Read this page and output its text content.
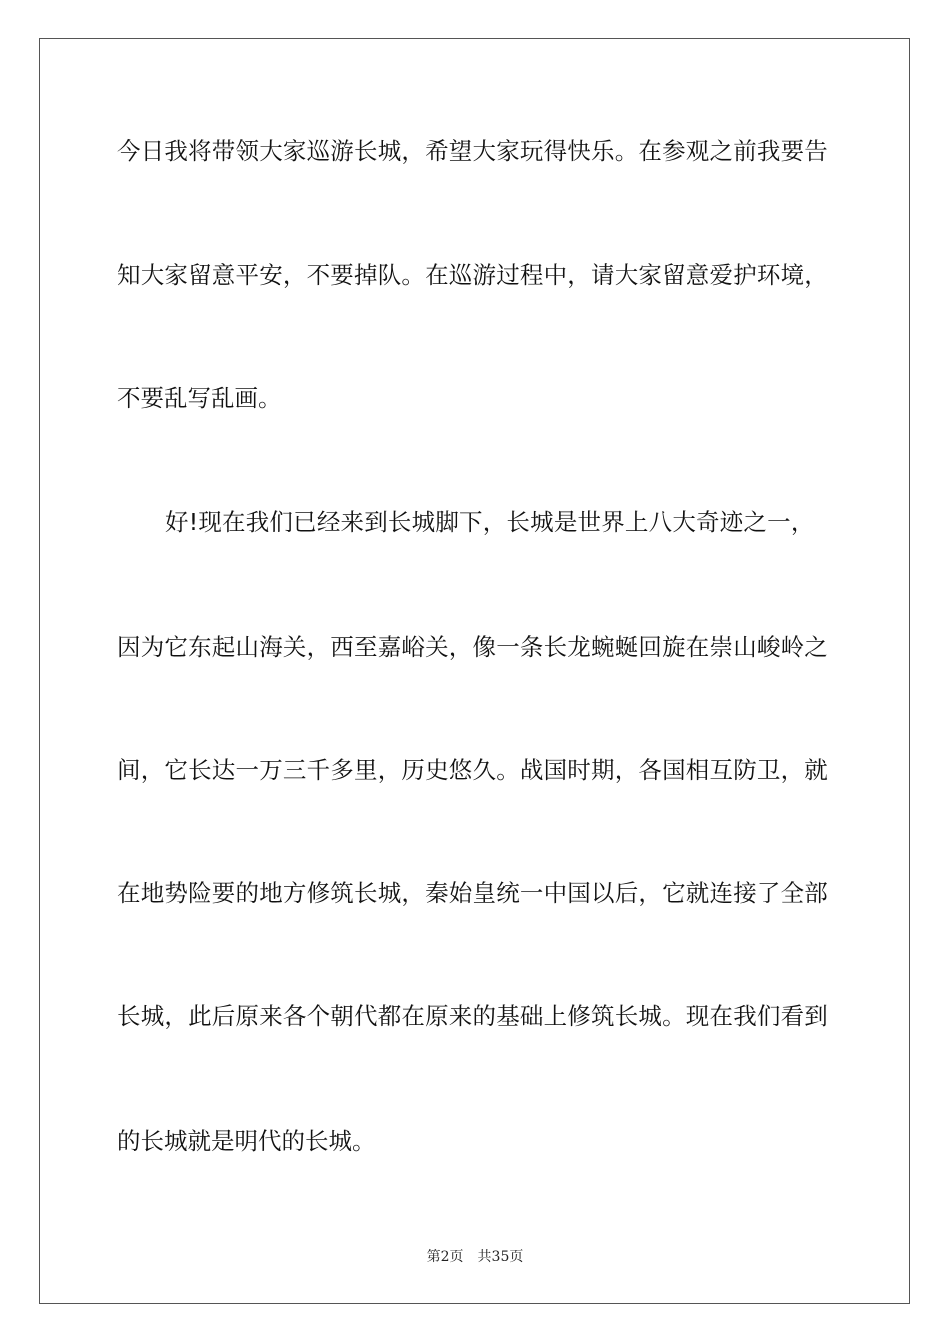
今日我将带领大家巡游长城，希望大家玩得快乐。在参观之前我要告
知大家留意平安，不要掉队。在巡游过程中，请大家留意爱护环境，
不要乱写乱画。
好!现在我们已经来到长城脚下，长城是世界上八大奇迹之一，
因为它东起山海关，西至嘉峪关，像一条长龙蜿蜒回旋在崇山峻岭之
间，它长达一万三千多里，历史悠久。战国时期，各国相互防卫，就
在地势险要的地方修筑长城，秦始皇统一中国以后，它就连接了全部
长城，此后原来各个朝代都在原来的基础上修筑长城。现在我们看到
的长城就是明代的长城。
第2页　共35页
